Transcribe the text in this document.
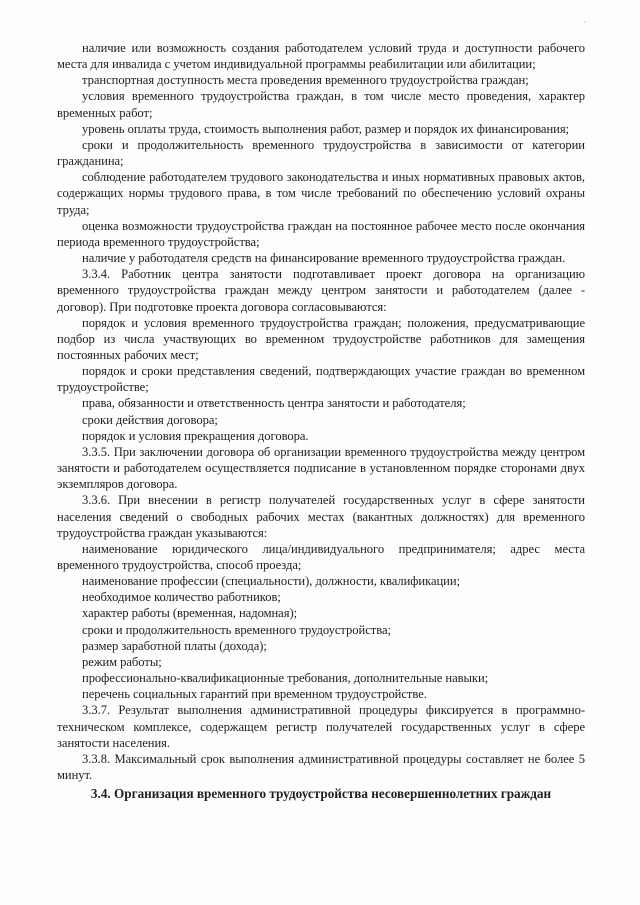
·

наличие или возможность создания работодателем условий труда и доступности рабочего места для инвалида с учетом индивидуальной программы реабилитации или абилитации;

транспортная доступность места проведения временного трудоустройства граждан;

условия временного трудоустройства граждан, в том числе место проведения, характер временных работ;

уровень оплаты труда, стоимость выполнения работ, размер и порядок их финансирования;

сроки и продолжительность временного трудоустройства в зависимости от категории гражданина;

соблюдение работодателем трудового законодательства и иных нормативных правовых актов, содержащих нормы трудового права, в том числе требований по обеспечению условий охраны труда;

оценка возможности трудоустройства граждан на постоянное рабочее место после окончания периода временного трудоустройства;

наличие у работодателя средств на финансирование временного трудоустройства граждан.

3.3.4. Работник центра занятости подготавливает проект договора на организацию временного трудоустройства граждан между центром занятости и работодателем (далее - договор). При подготовке проекта договора согласовываются:

порядок и условия временного трудоустройства граждан; положения, предусматривающие подбор из числа участвующих во временном трудоустройстве работников для замещения постоянных рабочих мест;

порядок и сроки представления сведений, подтверждающих участие граждан во временном трудоустройстве;

права, обязанности и ответственность центра занятости и работодателя;

сроки действия договора;

порядок и условия прекращения договора.

3.3.5. При заключении договора об организации временного трудоустройства между центром занятости и работодателем осуществляется подписание в установленном порядке сторонами двух экземпляров договора.

3.3.6. При внесении в регистр получателей государственных услуг в сфере занятости населения сведений о свободных рабочих местах (вакантных должностях) для временного трудоустройства граждан указываются:

наименование юридического лица/индивидуального предпринимателя; адрес места временного трудоустройства, способ проезда;

наименование профессии (специальности), должности, квалификации;

необходимое количество работников;

характер работы (временная, надомная);

сроки и продолжительность временного трудоустройства;

размер заработной платы (дохода);

режим работы;

профессионально-квалификационные требования, дополнительные навыки;

перечень социальных гарантий при временном трудоустройстве.

3.3.7. Результат выполнения административной процедуры фиксируется в программно-техническом комплексе, содержащем регистр получателей государственных услуг в сфере занятости населения.

3.3.8. Максимальный срок выполнения административной процедуры составляет не более 5 минут.

3.4. Организация временного трудоустройства несовершеннолетних граждан
